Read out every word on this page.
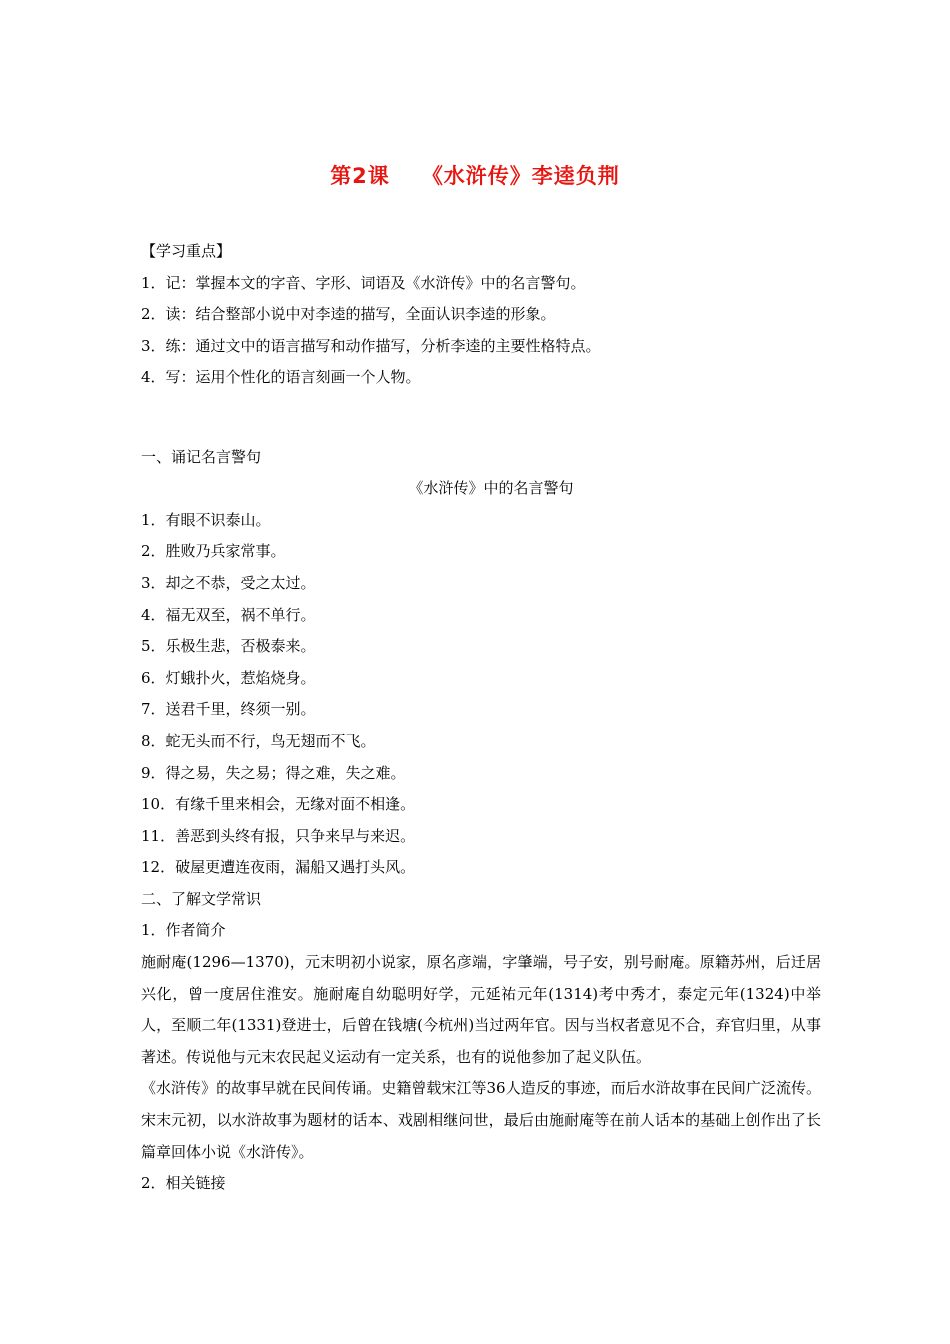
第2课 《水浒传》李逵负荆
【学习重点】
1．记：掌握本文的字音、字形、词语及《水浒传》中的名言警句。
2．读：结合整部小说中对李逵的描写，全面认识李逵的形象。
3．练：通过文中的语言描写和动作描写，分析李逵的主要性格特点。
4．写：运用个性化的语言刻画一个人物。
一、诵记名言警句
《水浒传》中的名言警句
1．有眼不识泰山。
2．胜败乃兵家常事。
3．却之不恭，受之太过。
4．福无双至，祸不单行。
5．乐极生悲，否极泰来。
6．灯蛾扑火，惹焰烧身。
7．送君千里，终须一别。
8．蛇无头而不行，鸟无翅而不飞。
9．得之易，失之易；得之难，失之难。
10．有缘千里来相会，无缘对面不相逢。
11．善恶到头终有报，只争来早与来迟。
12．破屋更遭连夜雨，漏船又遇打头风。
二、了解文学常识
1．作者简介
施耐庵(1296—1370)，元末明初小说家，原名彦端，字肇端，号子安，别号耐庵。原籍苏州，后迁居兴化，曾一度居住淮安。施耐庵自幼聪明好学，元延祐元年(1314)考中秀才，泰定元年(1324)中举人，至顺二年(1331)登进士，后曾在钱塘(今杭州)当过两年官。因与当权者意见不合，弃官归里，从事著述。传说他与元末农民起义运动有一定关系，也有的说他参加了起义队伍。
《水浒传》的故事早就在民间传诵。史籍曾载宋江等36人造反的事迹，而后水浒故事在民间广泛流传。宋末元初，以水浒故事为题材的话本、戏剧相继问世，最后由施耐庵等在前人话本的基础上创作出了长篇章回体小说《水浒传》。
2．相关链接
